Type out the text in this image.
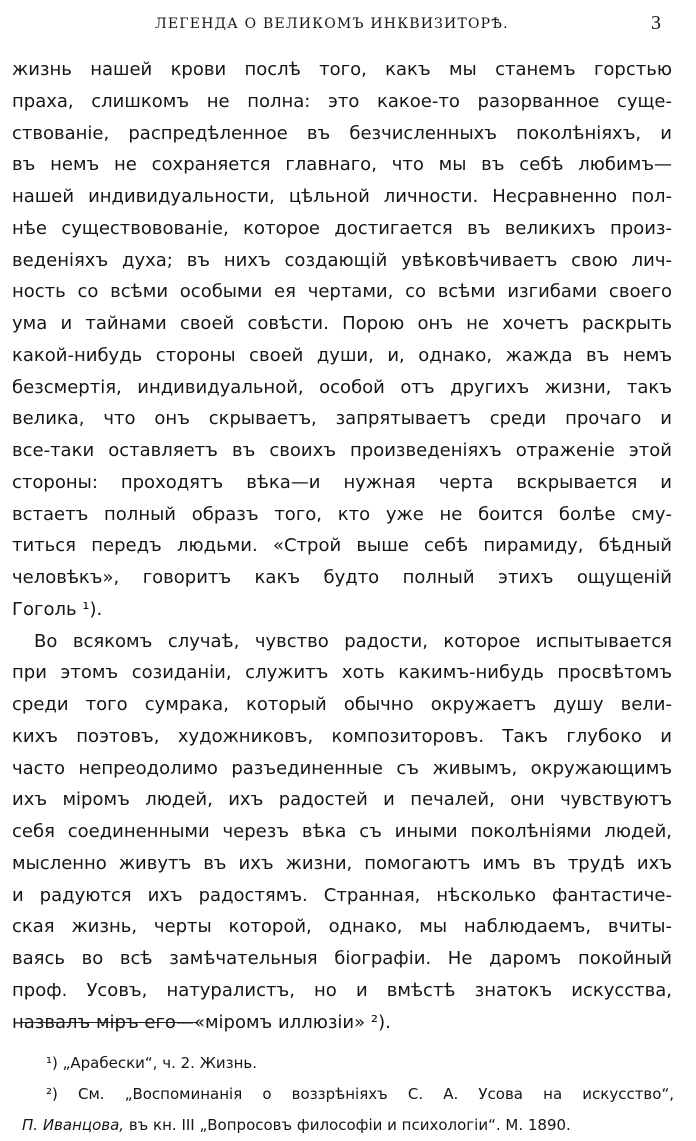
ЛЕГЕНДА О ВЕЛИКОМЪ ИНКВИЗИТОРѢ.	3
жизнь нашей крови послѣ того, какъ мы станемъ горстью
праха, слишкомъ не полна: это какое-то разорванное суще-
ствованіе, распредѣленное въ безчисленныхъ поколѣніяхъ, и
въ немъ не сохраняется главнаго, что мы въ себѣ любимъ—
нашей индивидуальности, цѣльной личности. Несравненно пол-
нѣе существовованіе, которое достигается въ великихъ произ-
веденіяхъ духа; въ нихъ создающій увѣковѣчиваетъ свою лич-
ность со всѣми особыми ея чертами, со всѣми изгибами своего
ума и тайнами своей совѣсти. Порою онъ не хочетъ раскрыть
какой-нибудь стороны своей души, и, однако, жажда въ немъ
безсмертія, индивидуальной, особой отъ другихъ жизни, такъ
велика, что онъ скрываетъ, запрятываетъ среди прочаго и
все-таки оставляетъ въ своихъ произведеніяхъ отраженіе этой
стороны: проходятъ вѣка—и нужная черта вскрывается и
встаетъ полный образъ того, кто уже не боится болѣе сму-
титься передъ людьми. «Строй выше себѣ пирамиду, бѣдный
человѣкъ», говоритъ какъ будто полный этихъ ощущеній
Гоголь ¹).
Во всякомъ случаѣ, чувство радости, которое испытывается
при этомъ созиданіи, служитъ хоть какимъ-нибудь просвѣтомъ
среди того сумрака, который обычно окружаетъ душу вели-
кихъ поэтовъ, художниковъ, композиторовъ. Такъ глубоко и
часто непреодолимо разъединенные съ живымъ, окружающимъ
ихъ міромъ людей, ихъ радостей и печалей, они чувствуютъ
себя соединенными черезъ вѣка съ иными поколѣніями людей,
мысленно живутъ въ ихъ жизни, помогаютъ имъ въ трудѣ ихъ
и радуются ихъ радостямъ. Странная, нѣсколько фантастиче-
ская жизнь, черты которой, однако, мы наблюдаемъ, вчиты-
ваясь во всѣ замѣчательныя біографіи. Не даромъ покойный
проф. Усовъ, натуралистъ, но и вмѣстѣ знатокъ искусства,
назвалъ міръ его—«міромъ иллюзіи» ²).
¹) „Арабески“, ч. 2. Жизнь.
²) См. „Воспоминанія о воззрѣніяхъ С. А. Усова на искусство“,
П. Иванцова, въ кн. III „Вопросовъ философіи и психологіи“. М. 1890.
